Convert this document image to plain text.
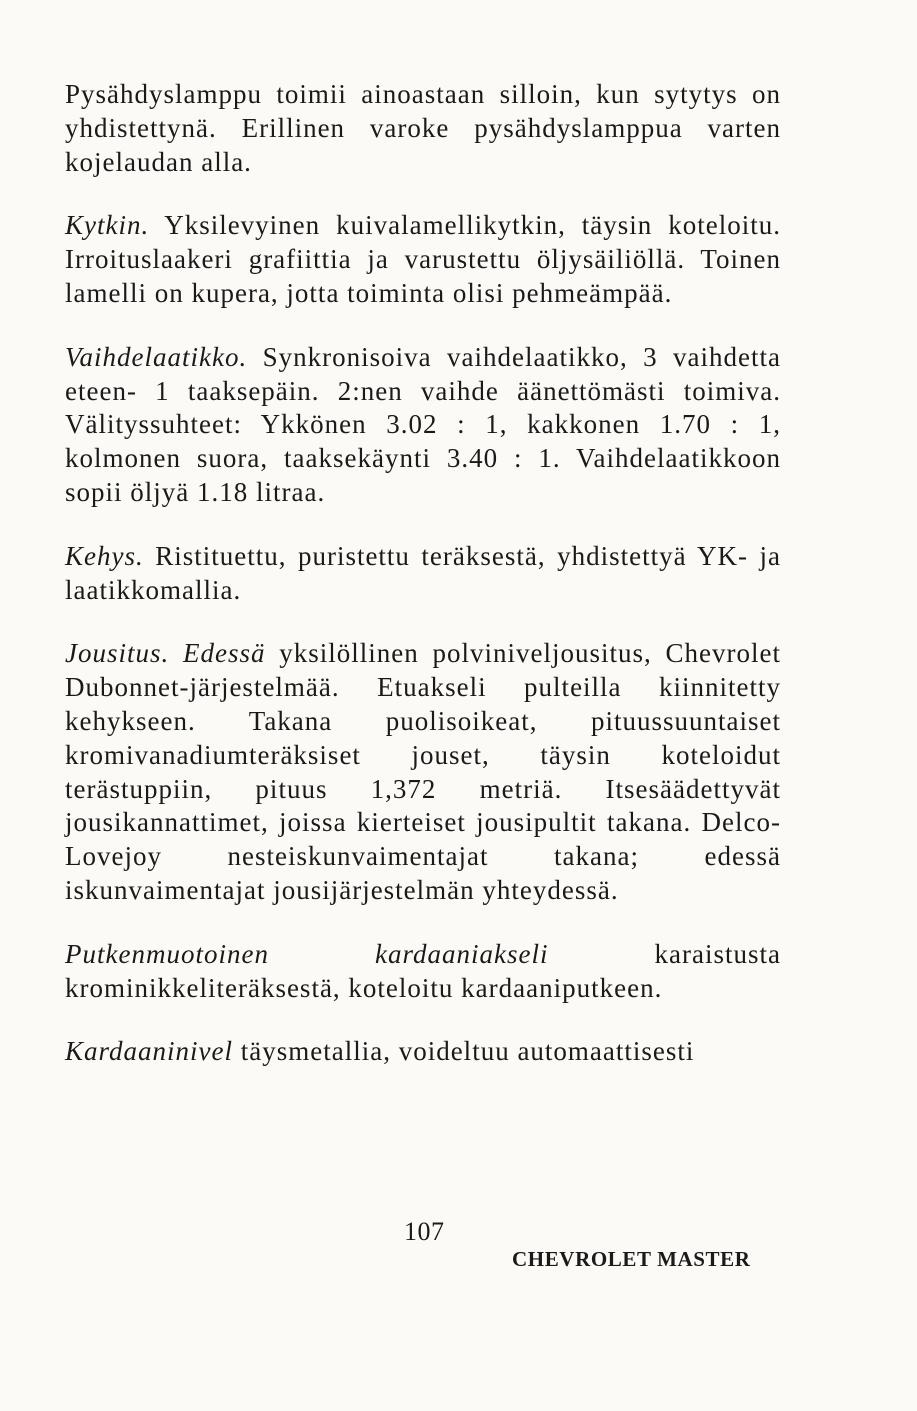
Pysähdyslamppu toimii ainoastaan silloin, kun sytytys on yhdistettynä. Erillinen varoke pysähdyslamppua varten kojelaudan alla.

Kytkin. Yksilevyinen kuivalamellikytkin, täysin koteloitu. Irroituslaakeri grafiittia ja varustettu öljysäiliöllä. Toinen lamelli on kupera, jotta toiminta olisi pehmeämpää.

Vaihdelaatikko. Synkronisoiva vaihdelaatikko, 3 vaihdetta eteen- 1 taaksepäin. 2:nen vaihde äänettömästi toimiva. Välityssuhteet: Ykkönen 3.02 : 1, kakkonen 1.70 : 1, kolmonen suora, taaksekäynti 3.40 : 1. Vaihdelaatikkoon sopii öljyä 1.18 litraa.

Kehys. Ristituettu, puristettu teräksestä, yhdistettyä YK- ja laatikkomallia.

Jousitus. Edessä yksilöllinen polviniveljousitus, Chevrolet Dubonnet-järjestelmää. Etuakseli pulteilla kiinnitetty kehykseen. Takana puolisoikeat, pituussuuntaiset kromivanadiumteräksiset jouset, täysin koteloidut terästuppiin, pituus 1,372 metriä. Itsesäädettyvät jousikannattimet, joissa kierteiset jousipultit takana. Delco-Lovejoy nesteiskunvaimentajat takana; edessä iskunvaimentajat jousijärjestelmän yhteydessä.

Putkenmuotoinen kardaaniakseli karaistusta krominikkeliteräksestä, koteloitu kardaaniputkeen.

Kardaaninivel täysmetallia, voideltuu automaattisesti

107
CHEVROLET MASTER
